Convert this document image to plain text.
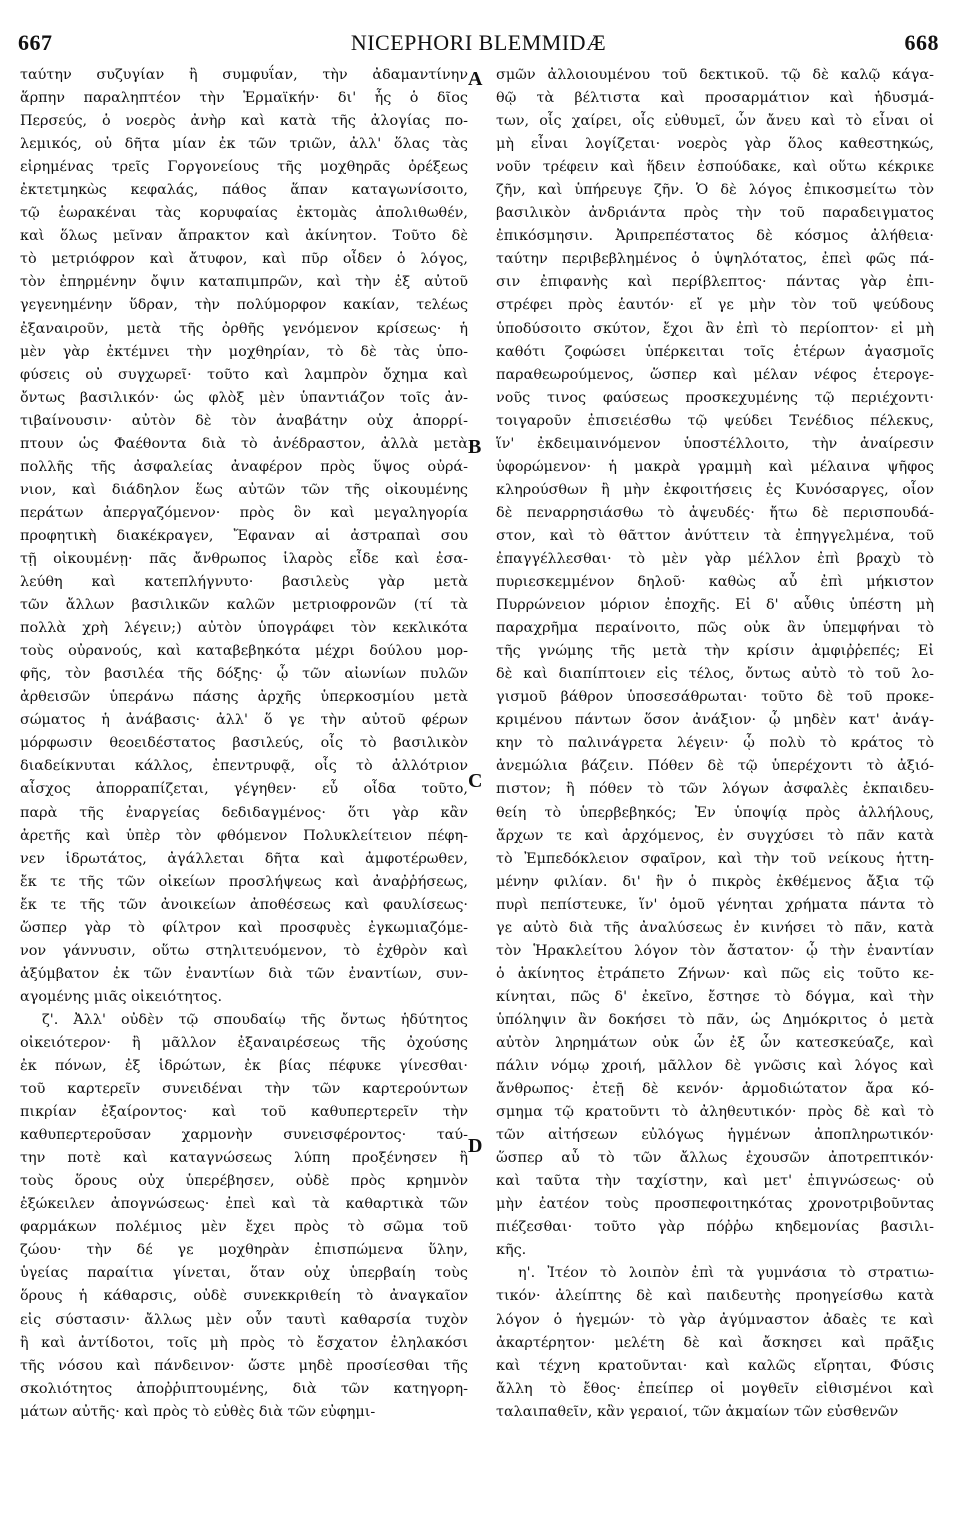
667	NICEPHORI BLEMMIDÆ	668
ταύτην συζυγίαν ἢ συμφυΐαν, τὴν ἀδαμαντίνην
ἅρπην παραληπτέον τὴν Ἑρμαϊκήν· δι' ἧς ὁ δῖος
Περσεύς, ὁ νοερὸς ἀνὴρ καὶ κατὰ τῆς ἀλογίας πο-
λεμικός, οὐ δῆτα μίαν ἐκ τῶν τριῶν, ἀλλ' ὅλας τὰς
εἰρημένας τρεῖς Γοργονείους τῆς μοχθηρᾶς ὀρέξεως
ἐκτετμηκὼς κεφαλάς, πάθος ἅπαν καταγωνίσοιτο,
τῷ ἑωρακέναι τὰς κορυφαίας ἐκτομὰς ἀπολιθωθέν,
καὶ ὅλως μεῖναν ἄπρακτον καὶ ἀκίνητον. Τοῦτο δὲ
τὸ μετριόφρον καὶ ἄτυφον, καὶ πῦρ οἶδεν ὁ λόγος,
τὸν ἐπηρμένην ὄψιν καταπιμπρῶν, καὶ τὴν ἐξ αὐτοῦ
γεγενημένην ὕδραν, τὴν πολύμορφον κακίαν, τελέως
ἐξαναιροῦν, μετὰ τῆς ὀρθῆς γενόμενον κρίσεως· ἡ
μὲν γὰρ ἐκτέμνει τὴν μοχθηρίαν, τὸ δὲ τὰς ὑπο-
φύσεις οὐ συγχωρεῖ· τοῦτο καὶ λαμπρὸν ὄχημα καὶ
ὄντως βασιλικόν· ὡς φλὸξ μὲν ὑπαντιάζον τοῖς ἀν-
τιβαίνουσιν· αὐτὸν δὲ τὸν ἀναβάτην οὐχ ἀπορρί-
πτουν ὡς Φαέθοντα διὰ τὸ ἀνέδραστον, ἀλλὰ μετὰ
πολλῆς τῆς ἀσφαλείας ἀναφέρον πρὸς ὕψος οὐρά-
νιον, καὶ διάδηλον ἕως αὐτῶν τῶν τῆς οἰκουμένης
περάτων ἀπεργαζόμενον· πρὸς ὃν καὶ μεγαληγορία
προφητικὴ διακέκραγεν, Ἔφαναν αἱ ἀστραπαὶ σου
τῇ οἰκουμένῃ· πᾶς ἄνθρωπος ἱλαρὸς εἶδε καὶ ἐσα-
λεύθη καὶ κατεπλήγνυτο· βασιλεὺς γὰρ μετὰ
τῶν ἄλλων βασιλικῶν καλῶν μετριοφρονῶν (τί τὰ
πολλὰ χρὴ λέγειν;) αὐτὸν ὑπογράφει τὸν κεκλικότα
τοὺς οὐρανούς, καὶ καταβεβηκότα μέχρι δούλου μορ-
φῆς, τὸν βασιλέα τῆς δόξης· ᾧ τῶν αἰωνίων πυλῶν
ἀρθεισῶν ὑπεράνω πάσης ἀρχῆς ὑπερκοσμίου μετὰ
σώματος ἡ ἀνάβασις· ἀλλ' ὅ γε τὴν αὐτοῦ φέρων
μόρφωσιν θεοειδέστατος βασιλεύς, οἷς τὸ βασιλικὸν
διαδείκνυται κάλλος, ἐπεντρυφᾷ, οἷς τὸ ἀλλότριον
αἶσχος ἀπορραπίζεται, γέγηθεν· εὖ οἶδα τοῦτο,
παρὰ τῆς ἐναργείας δεδιδαγμένος· ὅτι γὰρ κἂν
ἀρετῆς καὶ ὑπὲρ τὸν φθόμενον Πολυκλείτειον πέφη-
νεν ἱδρωτάτος, ἀγάλλεται δῆτα καὶ ἀμφοτέρωθεν,
ἔκ τε τῆς τῶν οἰκείων προσλήψεως καὶ ἀναῤῥήσεως,
ἔκ τε τῆς τῶν ἀνοικείων ἀποθέσεως καὶ φαυλίσεως·
ὥσπερ γὰρ τὸ φίλτρον καὶ προσφυὲς ἐγκωμιαζόμε-
νον γάννυσιν, οὕτω στηλιτευόμενον, τὸ ἐχθρὸν καὶ
ἀξύμβατον ἐκ τῶν ἐναντίων διὰ τῶν ἐναντίων, συν-
αγομένης μιᾶς οἰκειότητος.
ζ'. Ἀλλ' οὐδὲν τῷ σπουδαίῳ τῆς ὄντως ἡδύτητος
οἰκειότερον· ἢ μᾶλλον ἐξαναιρέσεως τῆς ὀχούσης
ἐκ πόνων, ἐξ ἱδρώτων, ἐκ βίας πέφυκε γίνεσθαι·
τοῦ καρτερεῖν συνειδέναι τὴν τῶν καρτερούντων
πικρίαν ἐξαίροντος· καὶ τοῦ καθυπερτερεῖν τὴν
καθυπερτεροῦσαν χαρμονὴν συνεισφέροντος· ταύ-
την ποτὲ καὶ καταγνώσεως λύπη προξένησεν ἢ
τοὺς ὅρους οὐχ ὑπερέβησεν, οὐδὲ πρὸς κρημνὸν
ἐξώκειλεν ἀπογνώσεως· ἐπεὶ καὶ τὰ καθαρτικὰ τῶν
φαρμάκων πολέμιος μὲν ἔχει πρὸς τὸ σῶμα τοῦ
ζώου· τὴν δέ γε μοχθηρὰν ἐπισπώμενα ὕλην,
ὑγείας παραίτια γίνεται, ὅταν οὐχ ὑπερβαίη τοὺς
ὅρους ἡ κάθαρσις, οὐδὲ συνεκκριθείη τὸ ἀναγκαῖον
εἰς σύστασιν· ἄλλως μὲν οὖν ταυτὶ καθαρσία τυχὸν
ἢ καὶ ἀντίδοτοι, τοῖς μὴ πρὸς τὸ ἔσχατον ἐληλακόσι
τῆς νόσου καὶ πάνδεινον· ὥστε μηδὲ προσίεσθαι τῆς
σκολιότητος ἀποῤῥιπτουμένης, διὰ τῶν κατηγορη-
μάτων αὐτῆς· καὶ πρὸς τὸ εὐθὲς διὰ τῶν εὐφημι-
σμῶν ἀλλοιουμένου τοῦ δεκτικοῦ. τῷ δὲ καλῷ κάγα-
θῷ τὰ βέλτιστα καὶ προσαρμάτιον καὶ ἡδυσμά-
των, οἷς χαίρει, οἷς εὐθυμεῖ, ὧν ἄνευ καὶ τὸ εἶναι οἱ
μὴ εἶναι λογίζεται· νοερὸς γὰρ ὅλος καθεστηκώς,
νοῦν τρέφειν καὶ ἥδειν ἐσπούδακε, καὶ οὕτω κέκρικε
ζῆν, καὶ ὑπήρευγε ζῆν. Ὁ δὲ λόγος ἐπικοσμείτω τὸν
βασιλικὸν ἀνδριάντα πρὸς τὴν τοῦ παραδειγματος
ἐπικόσμησιν. Ἀριπρεπέστατος δὲ κόσμος ἀλήθεια·
ταύτην περιβεβλημένος ὁ ὑψηλότατος, ἐπεὶ φῶς πά-
σιν ἐπιφανὴς καὶ περίβλεπτος· πάντας γὰρ ἐπι-
στρέφει πρὸς ἑαυτόν· εἴ γε μὴν τὸν τοῦ ψεύδους
ὑποδύσοιτο σκύτον, ἔχοι ἂν ἐπὶ τὸ περίοπτον· εἰ μὴ
καθότι ζοφώσει ὑπέρκειται τοῖς ἑτέρων ἀγασμοῖς
παραθεωρούμενος, ὥσπερ καὶ μέλαν νέφος ἑτερογε-
νοῦς τινος φαύσεως προσκεχυμένης τῷ περιέχοντι·
τοιγαροῦν ἐπισειέσθω τῷ ψεύδει Τενέδιος πέλεκυς,
ἵν' ἐκδειμαινόμενον ὑποστέλλοιτο, τὴν ἀναίρεσιν
ὑφορώμενον· ἡ μακρὰ γραμμὴ καὶ μέλαινα ψῆφος
κληρούσθων ἢ μὴν ἐκφοιτήσεις ἐς Κυνόσαργες, οἷον
δὲ πεναρρησιάσθω τὸ ἀψευδές· ἤτω δὲ περισπουδά-
στον, καὶ τὸ θᾶττον ἀνύττειν τὰ ἐπηγγελμένα, τοῦ
ἐπαγγέλλεσθαι· τὸ μὲν γὰρ μέλλον ἐπὶ βραχὺ τὸ
πυριεσκεμμένον δηλοῦ· καθὼς αὖ ἐπὶ μήκιστον
Πυρρώνειον μόριον ἐποχῆς. Εἰ δ' αὖθις ὑπέστη μὴ
παραχρῆμα περαίνοιτο, πῶς οὐκ ἂν ὑπεμφήναι τὸ
τῆς γνώμης τῆς μετὰ τὴν κρίσιν ἀμφιῤῥεπές; Εἰ
δὲ καὶ διαπίπτοιεν εἰς τέλος, ὄντως αὐτὸ τὸ τοῦ λο-
γισμοῦ βάθρον ὑποσεσάθρωται· τοῦτο δὲ τοῦ προκε-
κριμένου πάντων ὅσον ἀνάξιον· ᾧ μηδὲν κατ' ἀνάγ-
κην τὸ παλινάγρετα λέγειν· ᾧ πολὺ τὸ κράτος τὸ
ἀνεμώλια βάζειν. Πόθεν δὲ τῷ ὑπερέχοντι τὸ ἀξιό-
πιστον; ἢ πόθεν τὸ τῶν λόγων ἀσφαλὲς ἐκπαιδευ-
θείη τὸ ὑπερβεβηκός; Ἐν ὑποψίᾳ πρὸς ἀλλήλους,
ἄρχων τε καὶ ἀρχόμενος, ἐν συγχύσει τὸ πᾶν κατὰ
τὸ Ἐμπεδόκλειον σφαῖρον, καὶ τὴν τοῦ νείκους ἡττη-
μένην φιλίαν. δι' ἣν ὁ πικρὸς ἐκθέμενος ἄξια τῷ
πυρὶ πεπίστευκε, ἵν' ὁμοῦ γένηται χρήματα πάντα τὸ
γε αὐτὸ διὰ τῆς ἀναλύσεως ἐν κινήσει τὸ πᾶν, κατὰ
τὸν Ἡρακλείτου λόγον τὸν ἄστατον· ᾧ τὴν ἐναντίαν
ὁ ἀκίνητος ἐτράπετο Ζήνων· καὶ πῶς εἰς τοῦτο κε-
κίνηται, πῶς δ' ἐκεῖνο, ἔστησε τὸ δόγμα, καὶ τὴν
ὑπόληψιν ἂν δοκήσει τὸ πᾶν, ὡς Δημόκριτος ὁ μετὰ
αὐτὸν ληρημάτων οὐκ ὧν ἐξ ὧν κατεσκεύαζε, καὶ
πάλιν νόμῳ χροιή, μᾶλλον δὲ γνῶσις καὶ λόγος καὶ
ἄνθρωπος· ἐτεῇ δὲ κενόν· ἁρμοδιώτατον ἄρα κό-
σμημα τῷ κρατοῦντι τὸ ἀληθευτικόν· πρὸς δὲ καὶ τὸ
τῶν αἰτήσεων εὐλόγως ἡγμένων ἀποπληρωτικόν·
ὥσπερ αὖ τὸ τῶν ἄλλως ἐχουσῶν ἀποτρεπτικόν·
καὶ ταῦτα τὴν ταχίστην, καὶ μετ' ἐπιγνώσεως· οὐ
μὴν ἐατέον τοὺς προσπεφοιτηκότας χρονοτριβοῦντας
πιέζεσθαι· τοῦτο γὰρ πόῤῥω κηδεμονίας βασιλι-
κῆς.
η'. Ἰτέον τὸ λοιπὸν ἐπὶ τὰ γυμνάσια τὸ στρατιω-
τικόν· ἀλείπτης δὲ καὶ παιδευτὴς προηγείσθω κατὰ
λόγον ὁ ἡγεμών· τὸ γὰρ ἀγύμναστον ἀδαὲς τε καὶ
ἀκαρτέρητον· μελέτη δὲ καὶ ἄσκησει καὶ πρᾶξις
καὶ τέχνη κρατοῦνται· καὶ καλῶς εἴρηται, Φύσις
ἄλλη τὸ ἔθος· ἐπείπερ οἱ μογθεῖν εἰθισμένοι καὶ
ταλαιπαθεῖν, κἂν γεραιοί, τῶν ἀκμαίων τῶν εὐσθενῶν
A
B
C
D
